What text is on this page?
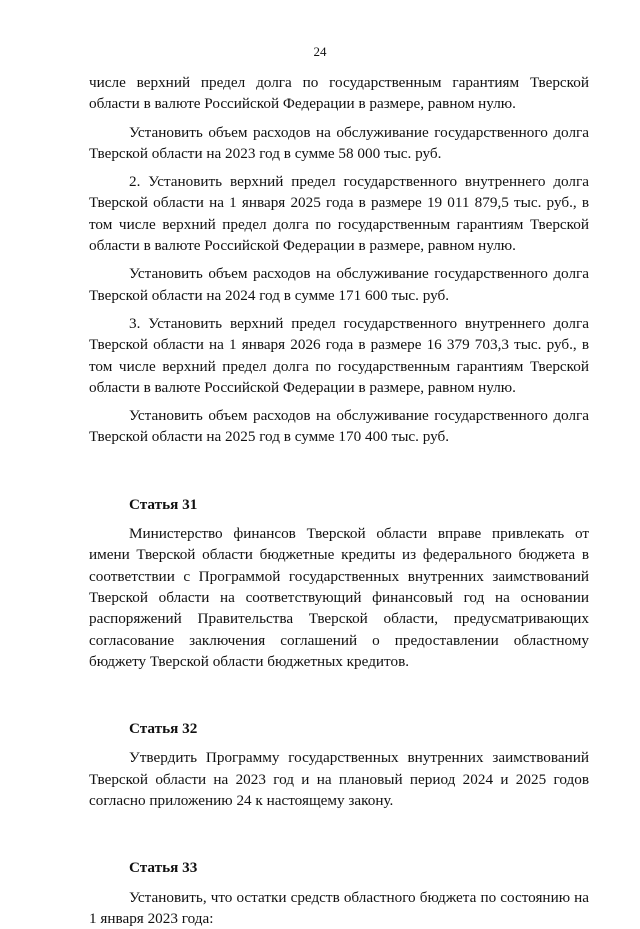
24

числе верхний предел долга по государственным гарантиям Тверской области в валюте Российской Федерации в размере, равном нулю.

Установить объем расходов на обслуживание государственного долга Тверской области на 2023 год в сумме 58 000 тыс. руб.

2. Установить верхний предел государственного внутреннего долга Тверской области на 1 января 2025 года в размере 19 011 879,5 тыс. руб., в том числе верхний предел долга по государственным гарантиям Тверской области в валюте Российской Федерации в размере, равном нулю.

Установить объем расходов на обслуживание государственного долга Тверской области на 2024 год в сумме 171 600 тыс. руб.

3. Установить верхний предел государственного внутреннего долга Тверской области на 1 января 2026 года в размере 16 379 703,3 тыс. руб., в том числе верхний предел долга по государственным гарантиям Тверской области в валюте Российской Федерации в размере, равном нулю.

Установить объем расходов на обслуживание государственного долга Тверской области на 2025 год в сумме 170 400 тыс. руб.

Статья 31

Министерство финансов Тверской области вправе привлекать от имени Тверской области бюджетные кредиты из федерального бюджета в соответствии с Программой государственных внутренних заимствований Тверской области на соответствующий финансовый год на основании распоряжений Правительства Тверской области, предусматривающих согласование заключения соглашений о предоставлении областному бюджету Тверской области бюджетных кредитов.

Статья 32

Утвердить Программу государственных внутренних заимствований Тверской области на 2023 год и на плановый период 2024 и 2025 годов согласно приложению 24 к настоящему закону.

Статья 33

Установить, что остатки средств областного бюджета по состоянию на 1 января 2023 года:
